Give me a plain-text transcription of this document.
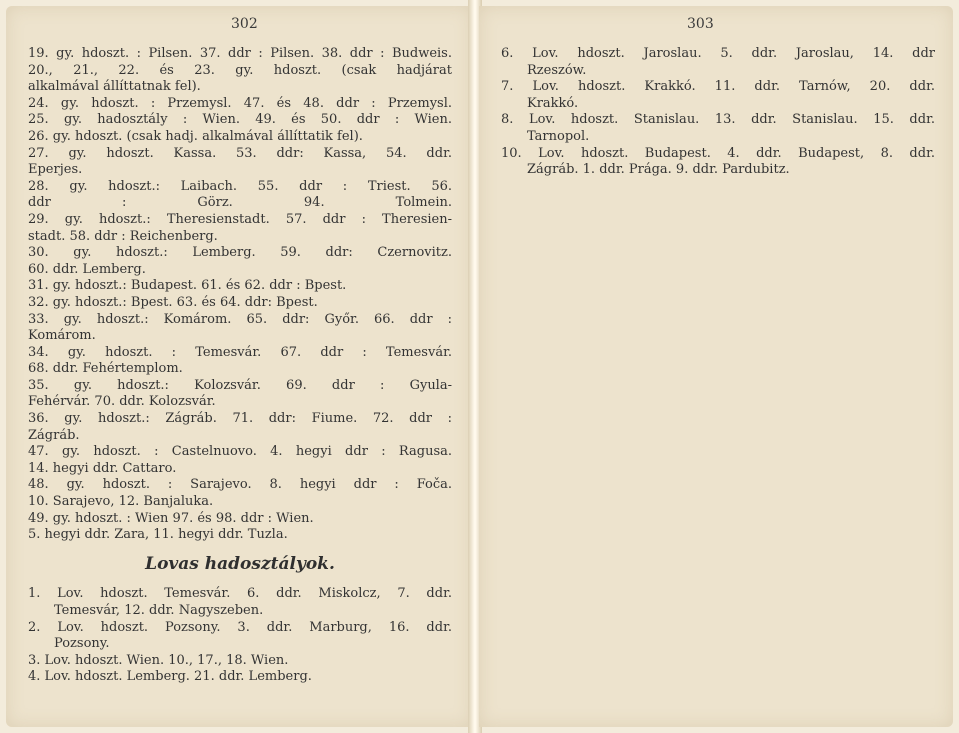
302
19. gy. hdoszt. : Pilsen. 37. ddr : Pilsen. 38. ddr : Budweis.
20., 21., 22. és 23. gy. hdoszt. (csak hadjárat
alkalmával állíttatnak fel).
24. gy. hdoszt. : Przemysl. 47. és 48. ddr : Przemysl.
25. gy. hadosztály : Wien. 49. és 50. ddr : Wien.
26. gy. hdoszt. (csak hadj. alkalmával állíttatik fel).
27. gy. hdoszt. Kassa. 53. ddr: Kassa, 54. ddr.
Eperjes.
28. gy. hdoszt.: Laibach. 55. ddr : Triest. 56.
ddr : Görz. 94. Tolmein.
29. gy. hdoszt.: Theresienstadt. 57. ddr : Theresien-
stadt. 58. ddr : Reichenberg.
30. gy. hdoszt.: Lemberg. 59. ddr: Czernovitz.
60. ddr. Lemberg.
31. gy. hdoszt.: Budapest. 61. és 62. ddr : Bpest.
32. gy. hdoszt.: Bpest. 63. és 64. ddr: Bpest.
33. gy. hdoszt.: Komárom. 65. ddr: Győr. 66. ddr :
Komárom.
34. gy. hdoszt. : Temesvár. 67. ddr : Temesvár.
68. ddr. Fehértemplom.
35. gy. hdoszt.: Kolozsvár. 69. ddr : Gyula-
Fehérvár. 70. ddr. Kolozsvár.
36. gy. hdoszt.: Zágráb. 71. ddr: Fiume. 72. ddr :
Zágráb.
47. gy. hdoszt. : Castelnuovo. 4. hegyi ddr : Ragusa.
14. hegyi ddr. Cattaro.
48. gy. hdoszt. : Sarajevo. 8. hegyi ddr : Foča.
10. Sarajevo, 12. Banjaluka.
49. gy. hdoszt. : Wien 97. és 98. ddr : Wien.
5. hegyi ddr. Zara, 11. hegyi ddr. Tuzla.
Lovas hadosztályok.
1. Lov. hdoszt. Temesvár. 6. ddr. Miskolcz, 7. ddr.
Temesvár, 12. ddr. Nagyszeben.
2. Lov. hdoszt. Pozsony. 3. ddr. Marburg, 16. ddr.
Pozsony.
3. Lov. hdoszt. Wien. 10., 17., 18. Wien.
4. Lov. hdoszt. Lemberg. 21. ddr. Lemberg.
303
6. Lov. hdoszt. Jaroslau. 5. ddr. Jaroslau, 14. ddr
Rzeszów.
7. Lov. hdoszt. Krakkó. 11. ddr. Tarnów, 20. ddr.
Krakkó.
8. Lov. hdoszt. Stanislau. 13. ddr. Stanislau. 15. ddr.
Tarnopol.
10. Lov. hdoszt. Budapest. 4. ddr. Budapest, 8. ddr.
Zágráb. 1. ddr. Prága. 9. ddr. Pardubitz.
